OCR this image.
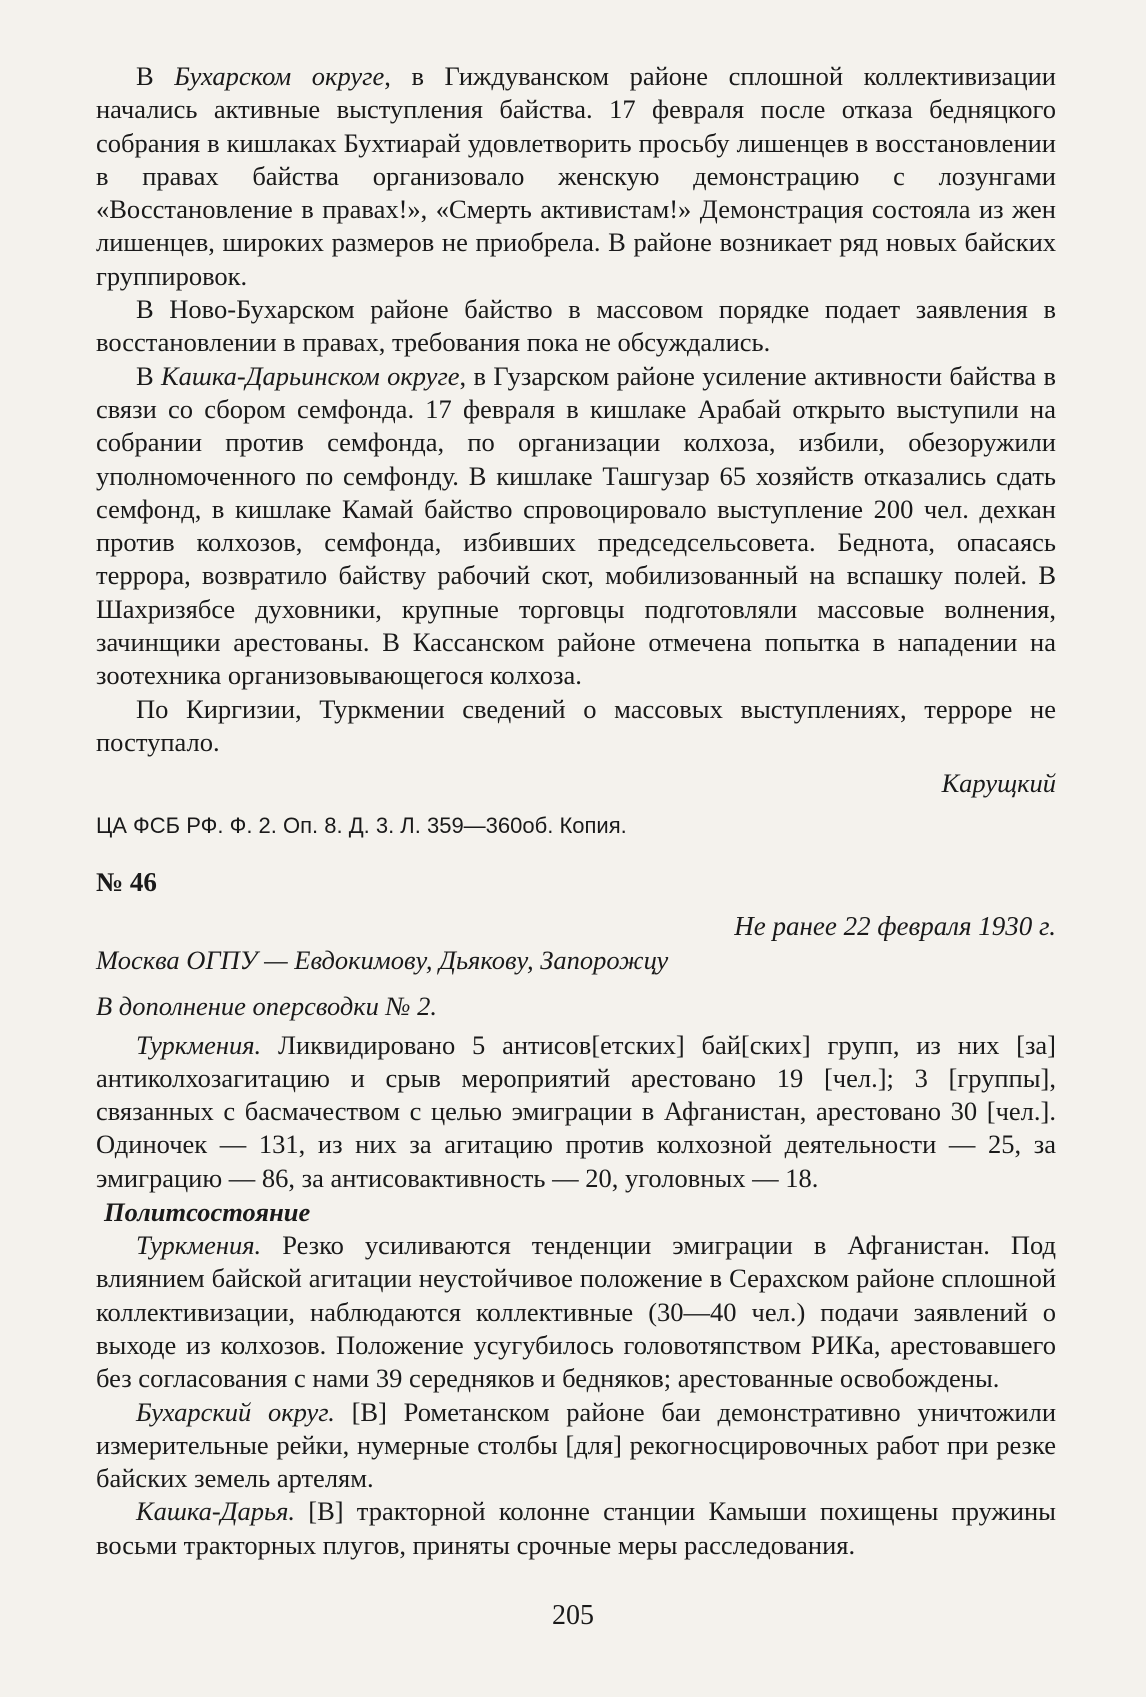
В Бухарском округе, в Гиждуванском районе сплошной коллективизации начались активные выступления байства. 17 февраля после отказа бедняцкого собрания в кишлаках Бухтиарай удовлетворить просьбу лишенцев в восстановлении в правах байства организовало женскую демонстрацию с лозунгами «Восстановление в правах!», «Смерть активистам!» Демонстрация состояла из жен лишенцев, широких размеров не приобрела. В районе возникает ряд новых байских группировок.

В Ново-Бухарском районе байство в массовом порядке подает заявления в восстановлении в правах, требования пока не обсуждались.

В Кашка-Дарьинском округе, в Гузарском районе усиление активности байства в связи со сбором семфонда. 17 февраля в кишлаке Арабай открыто выступили на собрании против семфонда, по организации колхоза, избили, обезоружили уполномоченного по семфонду. В кишлаке Ташгузар 65 хозяйств отказались сдать семфонд, в кишлаке Камай байство спровоцировало выступление 200 чел. дехкан против колхозов, семфонда, избивших председсельсовета. Беднота, опасаясь террора, возвратило байству рабочий скот, мобилизованный на вспашку полей. В Шахризябсе духовники, крупные торговцы подготовляли массовые волнения, зачинщики арестованы. В Кассанском районе отмечена попытка в нападении на зоотехника организовывающегося колхоза.

По Киргизии, Туркмении сведений о массовых выступлениях, терроре не поступало.

Карущкий

ЦА ФСБ РФ. Ф. 2. Оп. 8. Д. 3. Л. 359—360об. Копия.
№ 46
Не ранее 22 февраля 1930 г.
Москва ОГПУ — Евдокимову, Дьякову, Запорожцу
В дополнение оперсводки № 2.

Туркмения. Ликвидировано 5 антисов[етских] бай[ских] групп, из них [за] антиколхозагитацию и срыв мероприятий арестовано 19 [чел.]; 3 [группы], связанных с басмачеством с целью эмиграции в Афганистан, арестовано 30 [чел.]. Одиночек — 131, из них за агитацию против колхозной деятельности — 25, за эмиграцию — 86, за антисовактивность — 20, уголовных — 18.

Политсостояние

Туркмения. Резко усиливаются тенденции эмиграции в Афганистан. Под влиянием байской агитации неустойчивое положение в Серахском районе сплошной коллективизации, наблюдаются коллективные (30—40 чел.) подачи заявлений о выходе из колхозов. Положение усугубилось головотяпством РИКа, арестовавшего без согласования с нами 39 середняков и бедняков; арестованные освобождены.

Бухарский округ. [В] Рометанском районе баи демонстративно уничтожили измерительные рейки, нумерные столбы [для] рекогносцировочных работ при резке байских земель артелям.

Кашка-Дарья. [В] тракторной колонне станции Камыши похищены пружины восьми тракторных плугов, приняты срочные меры расследования.

205
